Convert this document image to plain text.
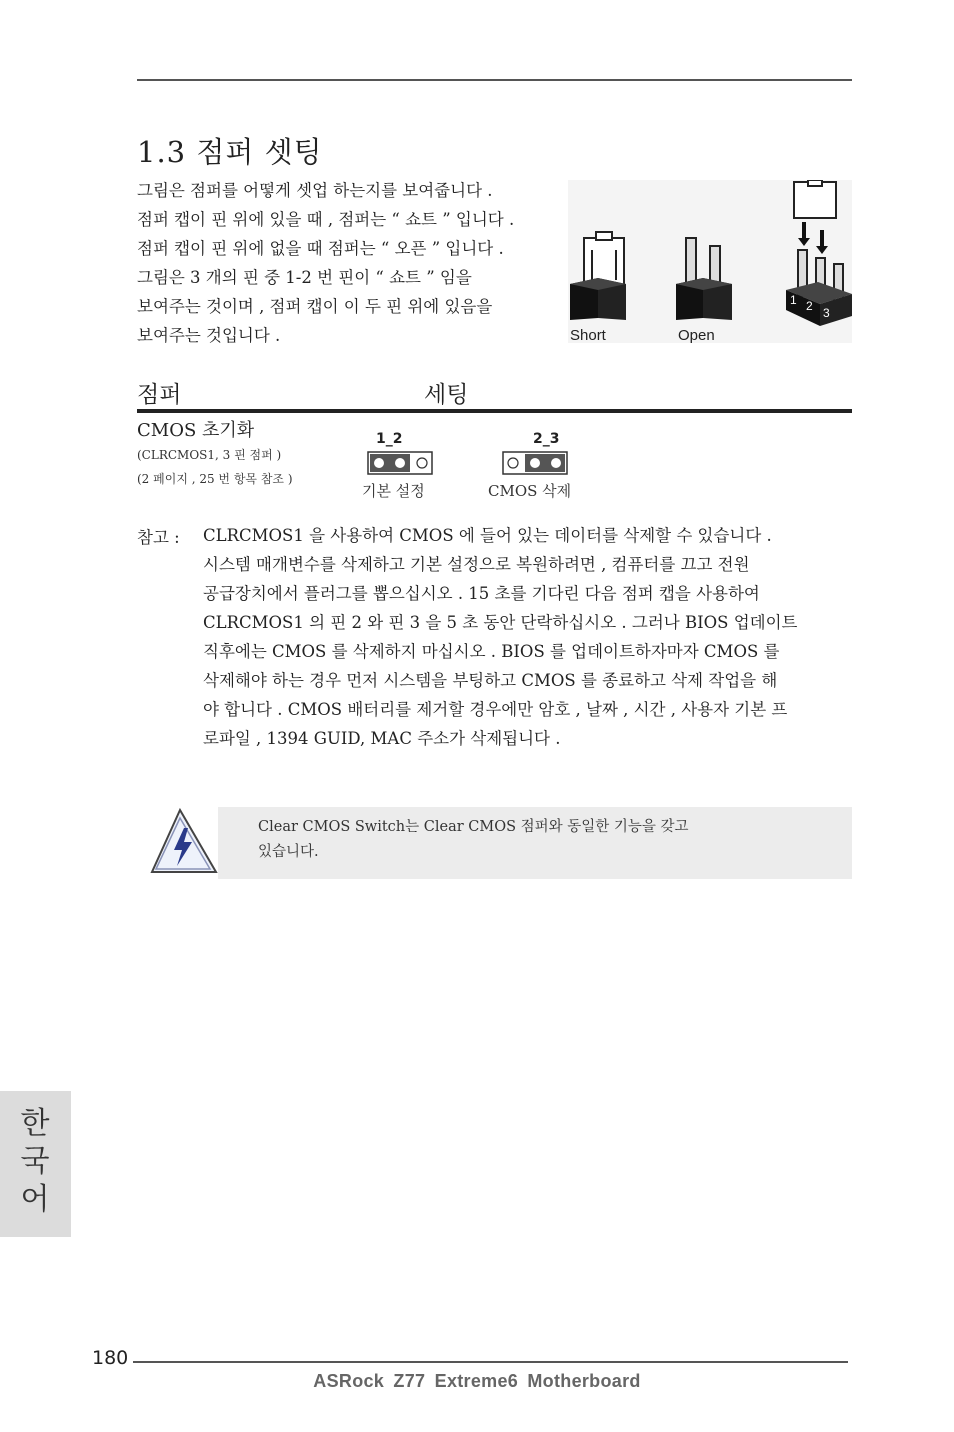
1.3 점퍼 셋팅
그림은 점퍼를 어떻게 셋업 하는지를 보여줍니다 .
점퍼 캡이 핀 위에 있을 때 , 점퍼는 “ 쇼트 ” 입니다 .
점퍼 캡이 핀 위에 없을 때 점퍼는 “ 오픈 ” 입니다 .
그림은 3 개의 핀 중 1-2 번 핀이 “ 쇼트 ” 임을
보여주는 것이며 , 점퍼 캡이 이 두 핀 위에 있음을
보여주는 것입니다 .	Short	Open
1 2 3
점퍼	세팅
CMOS 초기화
(CLRCMOS1, 3 핀 점퍼 )
(2 페이지 , 25 번 항목 참조 )
1_2
기본 설정
2_3
CMOS 삭제
참고 : CLRCMOS1 을 사용하여 CMOS 에 들어 있는 데이터를 삭제할 수 있습니다 .
시스템 매개변수를 삭제하고 기본 설정으로 복원하려면 , 컴퓨터를 끄고 전원
공급장치에서 플러그를 뽑으십시오 . 15 초를 기다린 다음 점퍼 캡을 사용하여
CLRCMOS1 의 핀 2 와 핀 3 을 5 초 동안 단락하십시오 . 그러나 BIOS 업데이트
직후에는 CMOS 를 삭제하지 마십시오 . BIOS 를 업데이트하자마자 CMOS 를
삭제해야 하는 경우 먼저 시스템을 부팅하고 CMOS 를 종료하고 삭제 작업을 해
야 합니다 . CMOS 배터리를 제거할 경우에만 암호 , 날짜 , 시간 , 사용자 기본 프
로파일 , 1394 GUID, MAC 주소가 삭제됩니다 .
Clear CMOS Switch는 Clear CMOS 점퍼와 동일한 기능을 갖고
있습니다.
한
국
어
180
ASRock Z77 Extreme6 Motherboard
